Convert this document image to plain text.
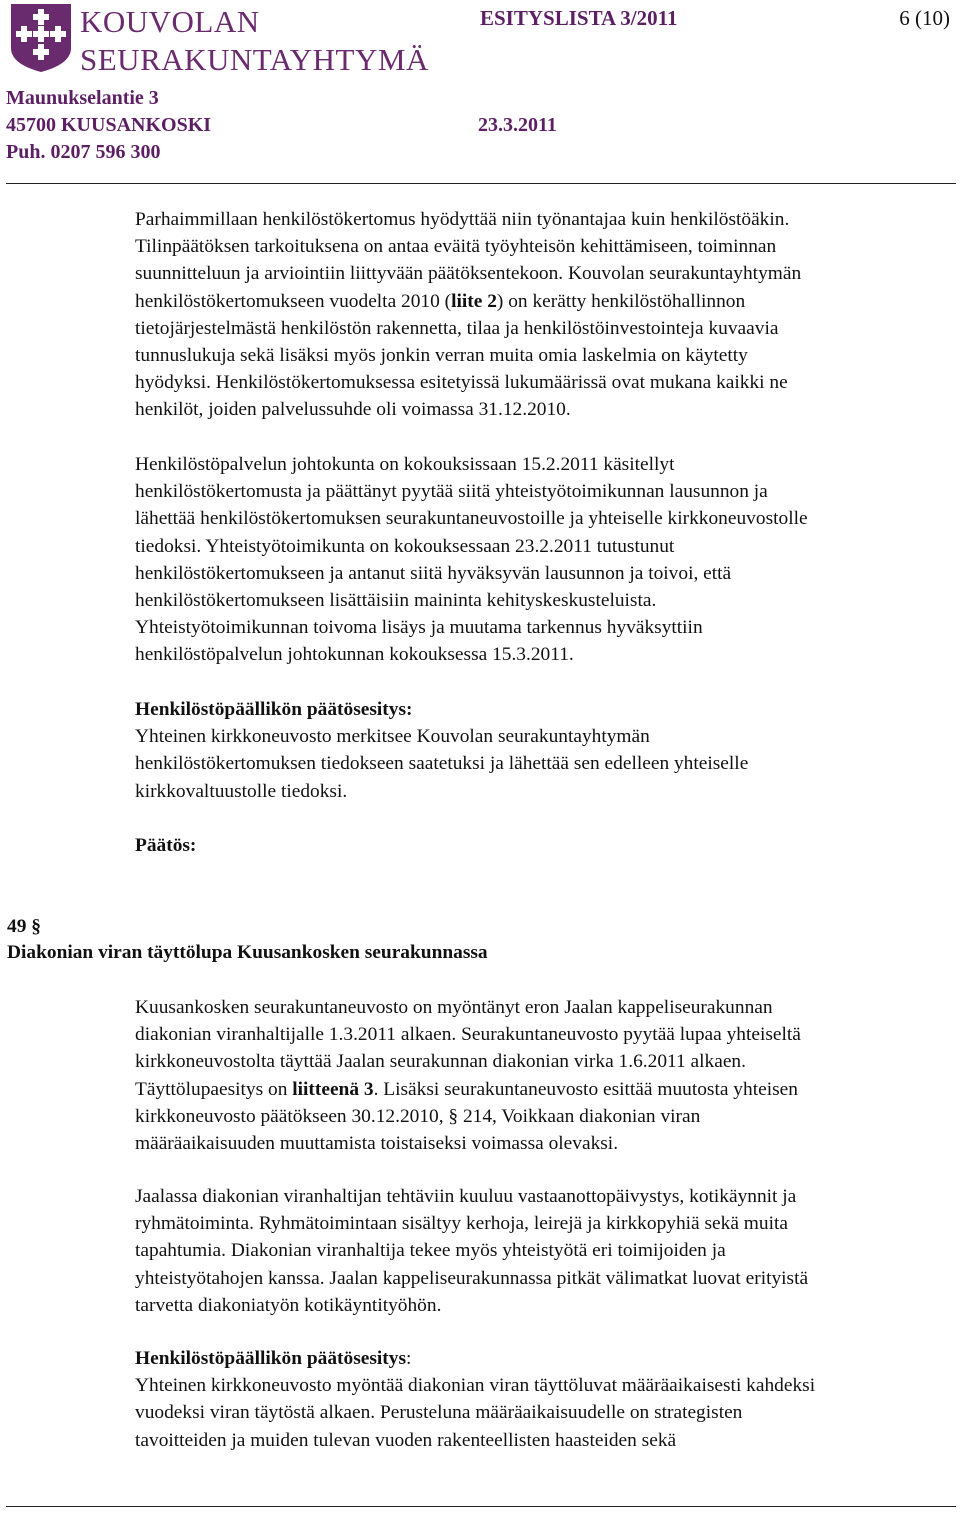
KOUVOLAN
SEURAKUNTAYHTYMÄ
ESITYSLISTA 3/2011	6 (10)
Maunukselantie 3
45700 KUUSANKOSKI
Puh. 0207 596 300
23.3.2011

Parhaimmillaan henkilöstökertomus hyödyttää niin työnantajaa kuin henkilöstöäkin.

Tilinpäätöksen tarkoituksena on antaa eväitä työyhteisön kehittämiseen, toiminnan

suunnitteluun ja arviointiin liittyvään päätöksentekoon. Kouvolan seurakuntayhtymän

henkilöstökertomukseen vuodelta 2010 (liite 2) on kerätty henkilöstöhallinnon

tietojärjestelmästä henkilöstön rakennetta, tilaa ja henkilöstöinvestointeja kuvaavia

tunnuslukuja sekä lisäksi myös jonkin verran muita omia laskelmia on käytetty

hyödyksi. Henkilöstökertomuksessa esitetyissä lukumäärissä ovat mukana kaikki ne

henkilöt, joiden palvelussuhde oli voimassa 31.12.2010.

Henkilöstöpalvelun johtokunta on kokouksissaan 15.2.2011 käsitellyt

henkilöstökertomusta ja päättänyt pyytää siitä yhteistyötoimikunnan lausunnon ja

lähettää henkilöstökertomuksen seurakuntaneuvostoille ja yhteiselle kirkkoneuvostolle

tiedoksi. Yhteistyötoimikunta on kokouksessaan 23.2.2011 tutustunut

henkilöstökertomukseen ja antanut siitä hyväksyvän lausunnon ja toivoi, että

henkilöstökertomukseen lisättäisiin maininta kehityskeskusteluista.

Yhteistyötoimikunnan toivoma lisäys ja muutama tarkennus hyväksyttiin

henkilöstöpalvelun johtokunnan kokouksessa 15.3.2011.

Henkilöstöpäällikön päätösesitys:

Yhteinen kirkkoneuvosto merkitsee Kouvolan seurakuntayhtymän

henkilöstökertomuksen tiedokseen saatetuksi ja lähettää sen edelleen yhteiselle

kirkkovaltuustolle tiedoksi.

Päätös:

49 §
Diakonian viran täyttölupa Kuusankosken seurakunnassa

Kuusankosken seurakuntaneuvosto on myöntänyt eron Jaalan kappeliseurakunnan

diakonian viranhaltijalle 1.3.2011 alkaen. Seurakuntaneuvosto pyytää lupaa yhteiseltä

kirkkoneuvostolta täyttää Jaalan seurakunnan diakonian virka 1.6.2011 alkaen.

Täyttölupaesitys on liitteenä 3. Lisäksi seurakuntaneuvosto esittää muutosta yhteisen

kirkkoneuvosto päätökseen 30.12.2010, § 214, Voikkaan diakonian viran

määräaikaisuuden muuttamista toistaiseksi voimassa olevaksi.

Jaalassa diakonian viranhaltijan tehtäviin kuuluu vastaanottopäivystys, kotikäynnit ja

ryhmätoiminta. Ryhmätoimintaan sisältyy kerhoja, leirejä ja kirkkopyhiä sekä muita

tapahtumia. Diakonian viranhaltija tekee myös yhteistyötä eri toimijoiden ja

yhteistyötahojen kanssa. Jaalan kappeliseurakunnassa pitkät välimatkat luovat erityistä

tarvetta diakoniatyön kotikäyntityöhön.

Henkilöstöpäällikön päätösesitys:

Yhteinen kirkkoneuvosto myöntää diakonian viran täyttöluvat määräaikaisesti kahdeksi

vuodeksi viran täytöstä alkaen. Perusteluna määräaikaisuudelle on strategisten

tavoitteiden ja muiden tulevan vuoden rakenteellisten haasteiden sekä
